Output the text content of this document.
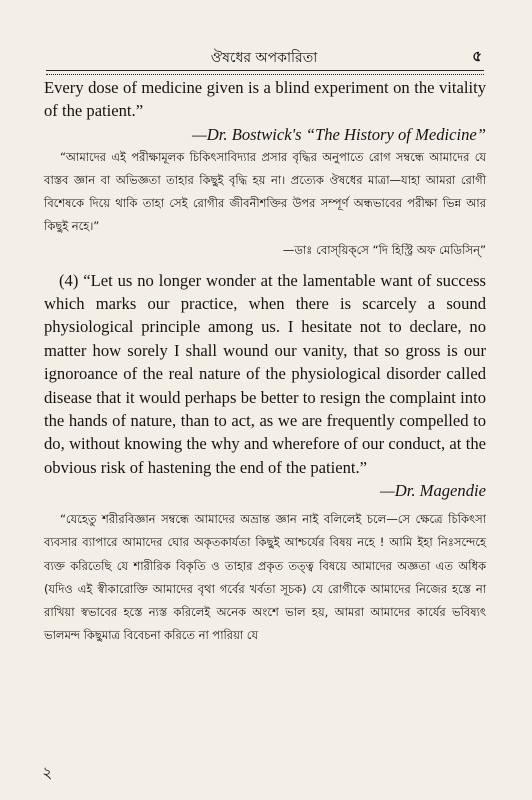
ঔষধের অপকারিতা	৫

Every dose of medicine given is a blind experiment on the vitality of the patient.”

—Dr. Bostwick's “The History of Medicine”

“আমাদের এই পরীক্ষামূলক চিকিৎসাবিদ্যার প্রসার বৃদ্ধির অনুপাতে রোগ সম্বন্ধে আমাদের যে বাস্তব জ্ঞান বা অভিজ্ঞতা তাহার কিছুই বৃদ্ধি হয় না। প্রত্যেক ঔষধের মাত্রা—যাহা আমরা রোগী বিশেষকে দিয়ে থাকি তাহা সেই রোগীর জীবনীশক্তির উপর সম্পূর্ণ অন্ধভাবের পরীক্ষা ভিন্ন আর কিছুই নহে।”

—ডাঃ বোস্‌য়িক্‌সে “দি হিস্ট্রি অফ মেডিসিন্”

(4) “Let us no longer wonder at the lamentable want of success which marks our practice, when there is scarcely a sound physiological principle among us. I hesitate not to declare, no matter how sorely I shall wound our vanity, that so gross is our ignoroance of the real nature of the physiological disorder called disease that it would perhaps be better to resign the complaint into the hands of nature, than to act, as we are frequently compelled to do, without knowing the why and wherefore of our conduct, at the obvious risk of hastening the end of the patient.”

—Dr. Magendie

“যেহেতু শরীরবিজ্ঞান সম্বন্ধে আমাদের অভ্রান্ত জ্ঞান নাই বলিলেই চলে—সে ক্ষেত্রে চিকিৎসা ব্যবসার ব্যাপারে আমাদের ঘোর অকৃতকার্যতা কিছুই আশ্চর্যের বিষয় নহে ! আমি ইহা নিঃসন্দেহে ব্যক্ত করিতেছি যে শারীরিক বিকৃতি ও তাহার প্রকৃত তত্ত্ব বিষয়ে আমাদের অজ্ঞতা এত অধিক (যদিও এই স্বীকারোক্তি আমাদের বৃথা গর্বের খর্বতা সূচক) যে রোগীকে আমাদের নিজের হস্তে না রাখিয়া স্বভাবের হস্তে ন্যস্ত করিলেই অনেক অংশে ভাল হয়, আমরা আমাদের কার্যের ভবিষ্যৎ ভালমন্দ কিছুমাত্র বিবেচনা করিতে না পারিয়া যে

২
